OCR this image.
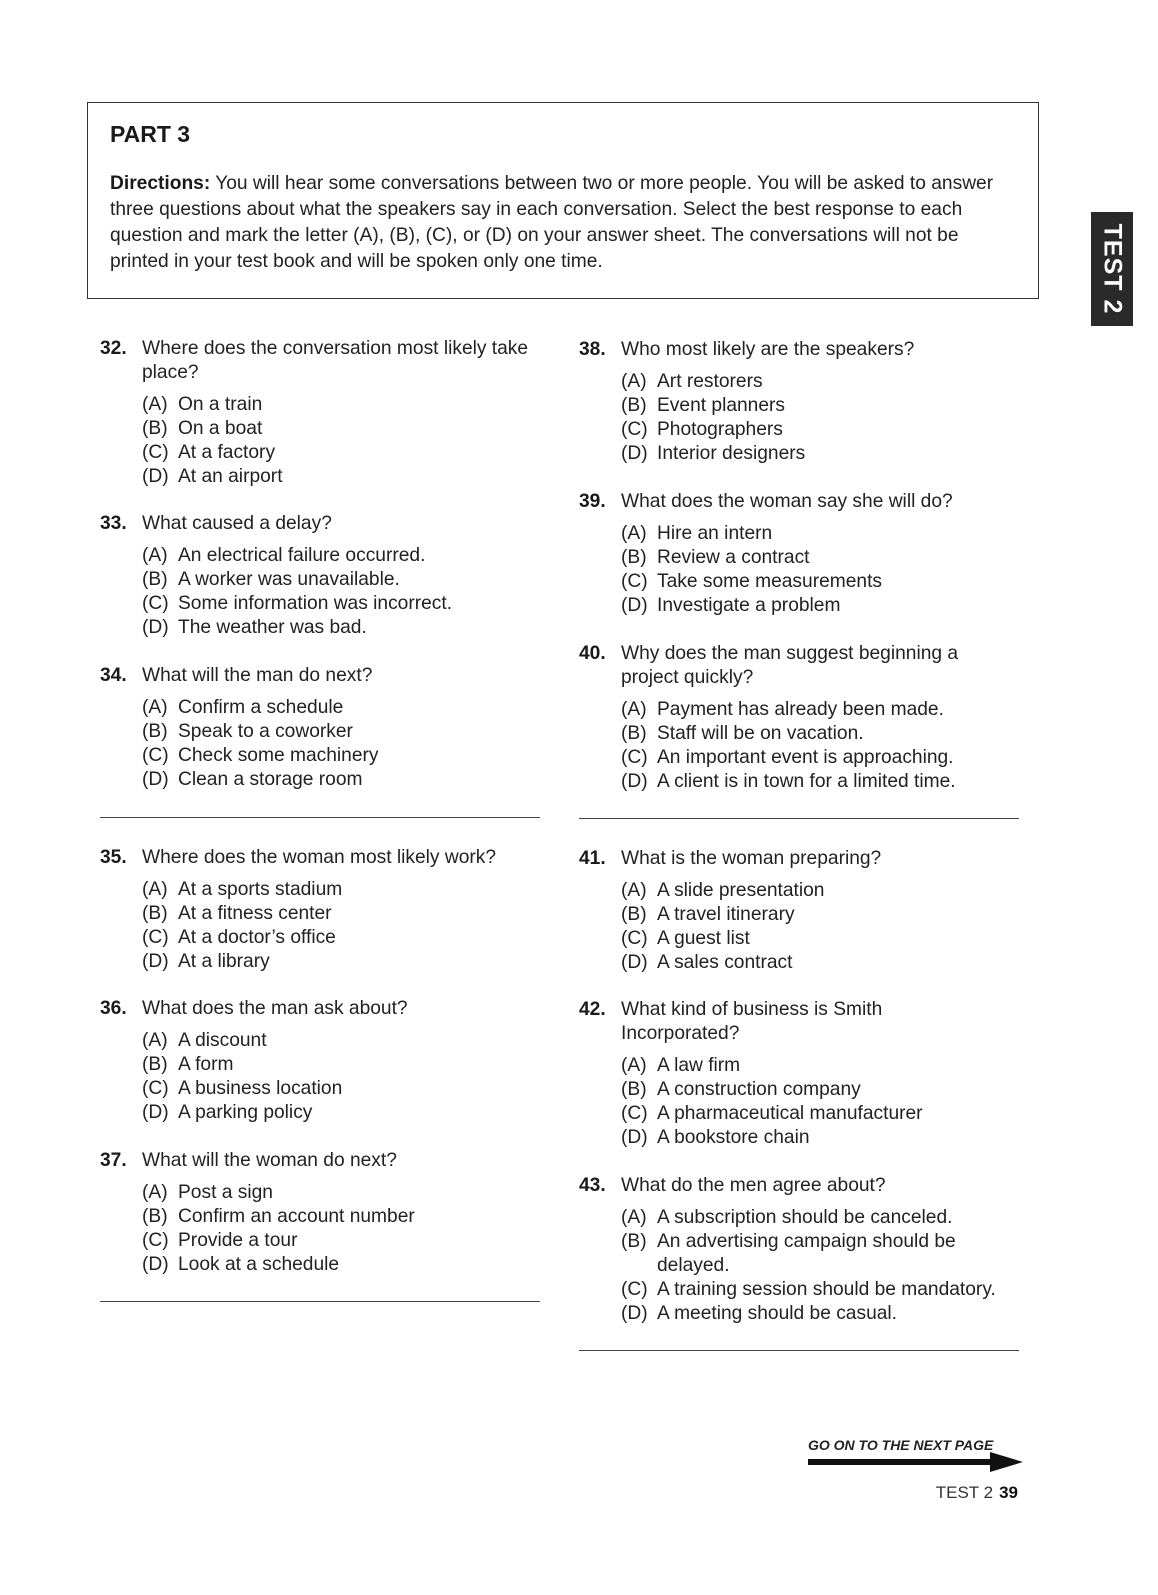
PART 3

Directions: You will hear some conversations between two or more people. You will be asked to answer three questions about what the speakers say in each conversation. Select the best response to each question and mark the letter (A), (B), (C), or (D) on your answer sheet. The conversations will not be printed in your test book and will be spoken only one time.	TEST 2
32. Where does the conversation most likely take place?
(A) On a train
(B) On a boat
(C) At a factory
(D) At an airport
33. What caused a delay?
(A) An electrical failure occurred.
(B) A worker was unavailable.
(C) Some information was incorrect.
(D) The weather was bad.
34. What will the man do next?
(A) Confirm a schedule
(B) Speak to a coworker
(C) Check some machinery
(D) Clean a storage room
35. Where does the woman most likely work?
(A) At a sports stadium
(B) At a fitness center
(C) At a doctor’s office
(D) At a library
36. What does the man ask about?
(A) A discount
(B) A form
(C) A business location
(D) A parking policy
37. What will the woman do next?
(A) Post a sign
(B) Confirm an account number
(C) Provide a tour
(D) Look at a schedule
38. Who most likely are the speakers?
(A) Art restorers
(B) Event planners
(C) Photographers
(D) Interior designers
39. What does the woman say she will do?
(A) Hire an intern
(B) Review a contract
(C) Take some measurements
(D) Investigate a problem
40. Why does the man suggest beginning a project quickly?
(A) Payment has already been made.
(B) Staff will be on vacation.
(C) An important event is approaching.
(D) A client is in town for a limited time.
41. What is the woman preparing?
(A) A slide presentation
(B) A travel itinerary
(C) A guest list
(D) A sales contract
42. What kind of business is Smith Incorporated?
(A) A law firm
(B) A construction company
(C) A pharmaceutical manufacturer
(D) A bookstore chain
43. What do the men agree about?
(A) A subscription should be canceled.
(B) An advertising campaign should be delayed.
(C) A training session should be mandatory.
(D) A meeting should be casual.
GO ON TO THE NEXT PAGE
TEST 2 39
